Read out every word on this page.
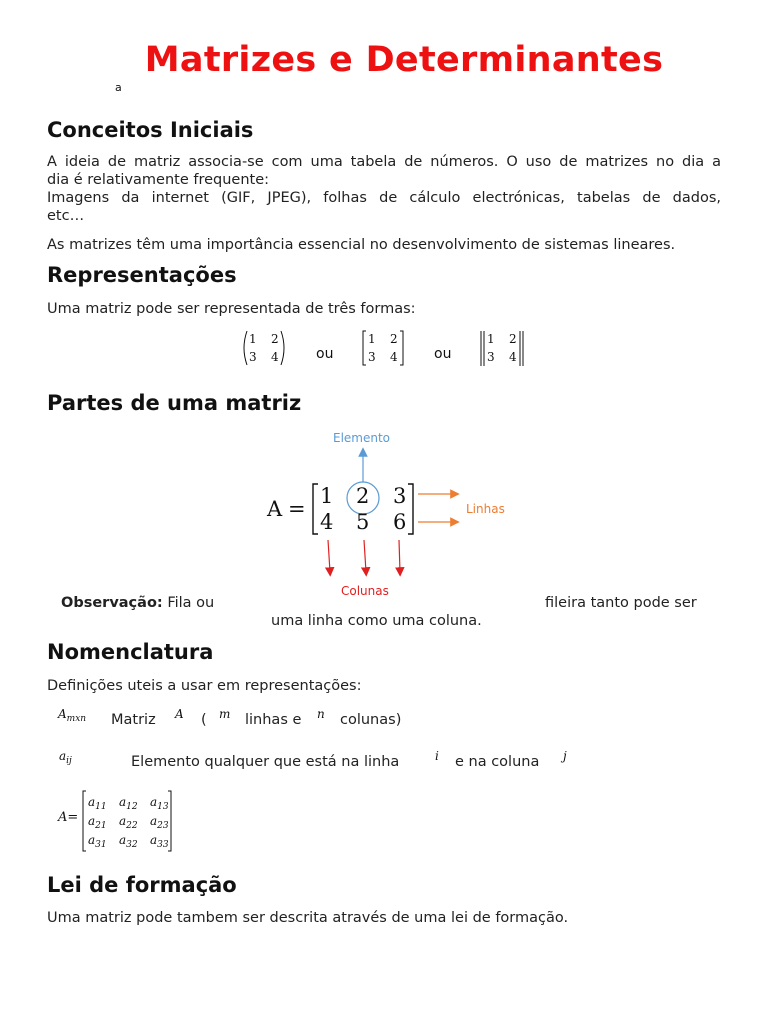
Matrizes e Determinantes
a
Conceitos Iniciais
A ideia de matriz associa-se com uma tabela de números. O uso de matrizes no dia a
dia é relativamente frequente:
Imagens da internet (GIF, JPEG), folhas de cálculo electrónicas, tabelas de dados,
etc…
As matrizes têm uma importância essencial no desenvolvimento de sistemas lineares.
Representações
Uma matriz pode ser representada de três formas:
1 2
3 4	ou
1 2
3 4	ou
1 2
3 4
Partes de uma matriz
Elemento
A =
1 2 3
4 5 6
Linhas
Colunas
Observação: Fila ou	fileira tanto pode ser
uma linha como uma coluna.
Nomenclatura
Definições uteis a usar em representações:
$A_{mxn}$ Matriz A ( m linhas e n colunas)
$a_{ij}$	Elemento qualquer que está na linha	i e na coluna j
A=
$a_{11}$ $a_{12}$ $a_{13}$
$a_{21}$ $a_{22}$ $a_{23}$
$a_{31}$ $a_{32}$ $a_{33}$
Lei de formação
Uma matriz pode tambem ser descrita através de uma lei de formação.
